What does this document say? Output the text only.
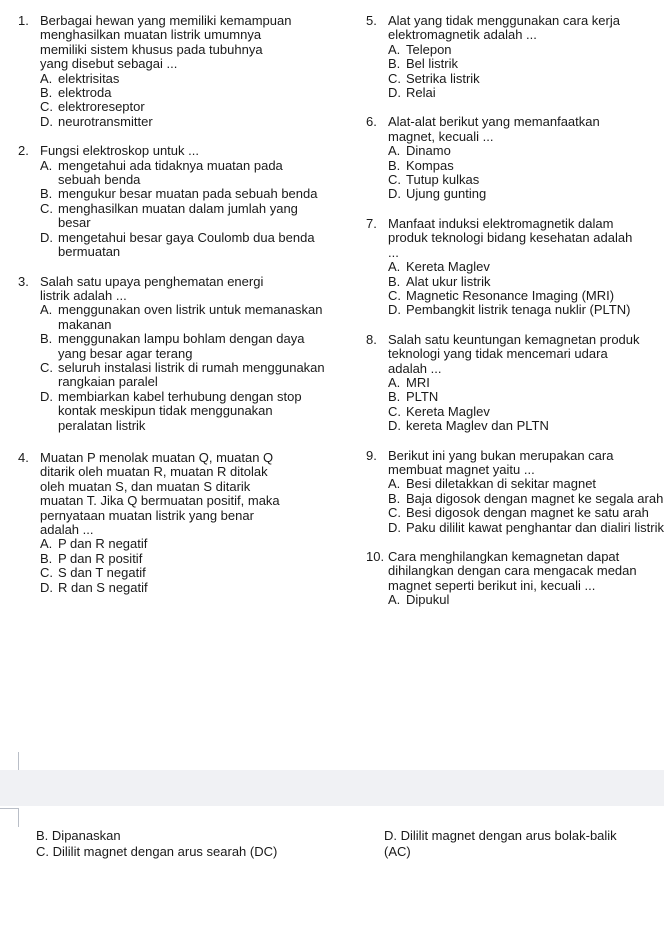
1. Berbagai hewan yang memiliki kemampuan
menghasilkan muatan listrik umumnya
memiliki sistem khusus pada tubuhnya
yang disebut sebagai ...
A. elektrisitas
B. elektroda
C. elektroreseptor
D. neurotransmitter
2. Fungsi elektroskop untuk ...
A. mengetahui ada tidaknya muatan pada sebuah benda
B. mengukur besar muatan pada sebuah benda
C. menghasilkan muatan dalam jumlah yang besar
D. mengetahui besar gaya Coulomb dua benda bermuatan
3. Salah satu upaya penghematan energi
listrik adalah ...
A. menggunakan oven listrik untuk memanaskan makanan
B. menggunakan lampu bohlam dengan daya yang besar agar terang
C. seluruh instalasi listrik di rumah menggunakan rangkaian paralel
D. membiarkan kabel terhubung dengan stop kontak meskipun tidak menggunakan peralatan listrik
4. Muatan P menolak muatan Q, muatan Q
ditarik oleh muatan R, muatan R ditolak
oleh muatan S, dan muatan S ditarik
muatan T. Jika Q bermuatan positif, maka
pernyataan muatan listrik yang benar
adalah ...
A. P dan R negatif
B. P dan R positif
C. S dan T negatif
D. R dan S negatif
5. Alat yang tidak menggunakan cara kerja
elektromagnetik adalah ...
A. Telepon
B. Bel listrik
C. Setrika listrik
D. Relai
6. Alat-alat berikut yang memanfaatkan
magnet, kecuali ...
A. Dinamo
B. Kompas
C. Tutup kulkas
D. Ujung gunting
7. Manfaat induksi elektromagnetik dalam
produk teknologi bidang kesehatan adalah
...
A. Kereta Maglev
B. Alat ukur listrik
C. Magnetic Resonance Imaging (MRI)
D. Pembangkit listrik tenaga nuklir (PLTN)
8. Salah satu keuntungan kemagnetan produk
teknologi yang tidak mencemari udara
adalah ...
A. MRI
B. PLTN
C. Kereta Maglev
D. kereta Maglev dan PLTN
9. Berikut ini yang bukan merupakan cara
membuat magnet yaitu ...
A. Besi diletakkan di sekitar magnet
B. Baja digosok dengan magnet ke segala arah
C. Besi digosok dengan magnet ke satu arah
D. Paku dililit kawat penghantar dan dialiri listrik
10. Cara menghilangkan kemagnetan dapat
dihilangkan dengan cara mengacak medan
magnet seperti berikut ini, kecuali ...
A. Dipukul
B. Dipanaskan
C. Dililit magnet dengan arus searah (DC)
D. Dililit magnet dengan arus bolak-balik
(AC)
